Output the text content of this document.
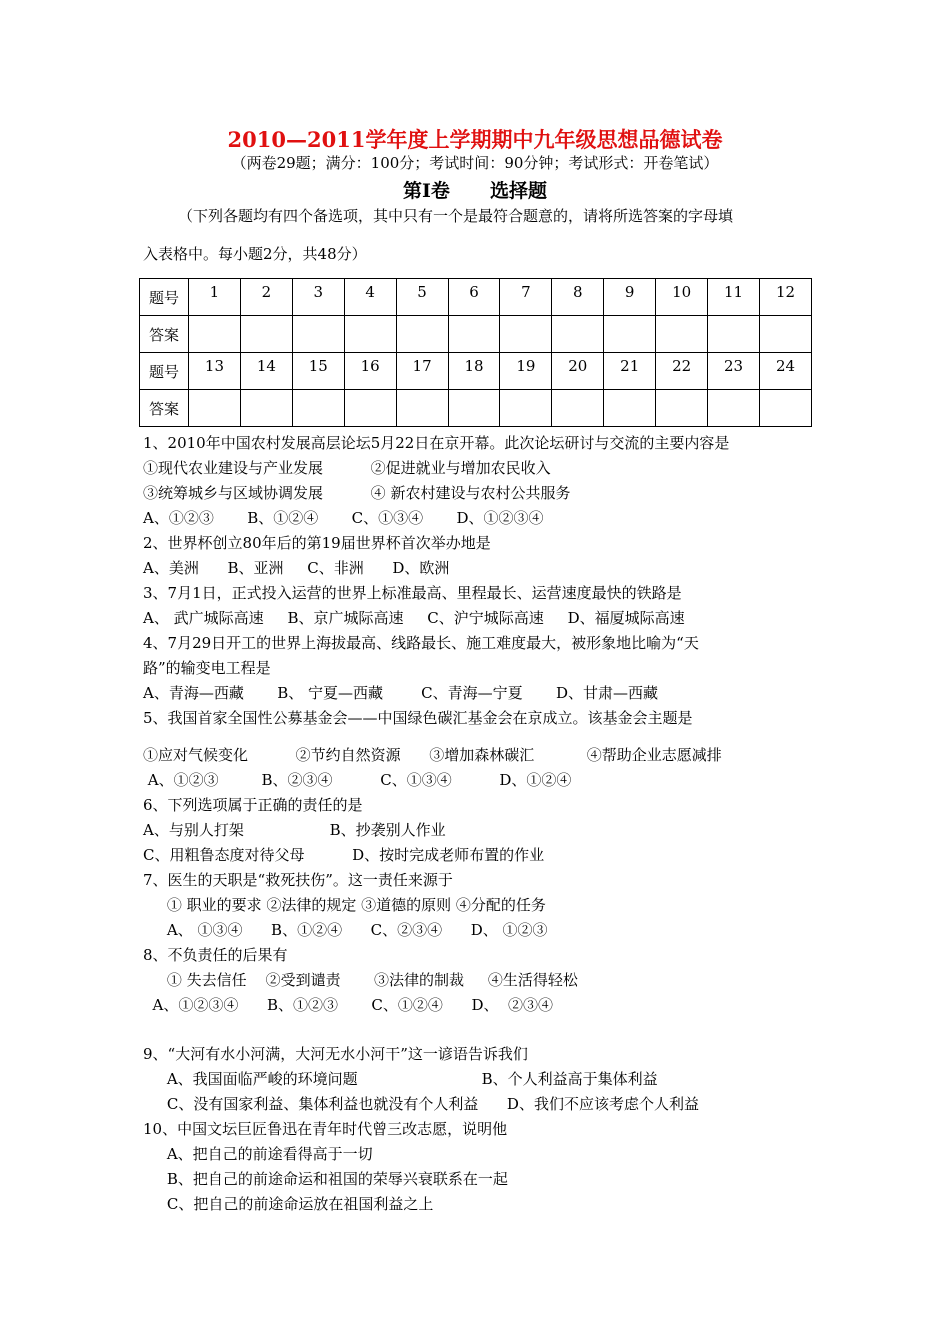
2010—2011学年度上学期期中九年级思想品德试卷
（两卷29题；满分：100分；考试时间：90分钟；考试形式：开卷笔试）
第Ⅰ卷 选择题
（下列各题均有四个备选项，其中只有一个是最符合题意的，请将所选答案的字母填
入表格中。每小题2分，共48分）
题号	1	2	3	4	5	6	7	8	9	10	11	12
答案												
题号	13	14	15	16	17	18	19	20	21	22	23	24
答案												
1、2010年中国农村发展高层论坛5月22日在京开幕。此次论坛研讨与交流的主要内容是
①现代农业建设与产业发展          ②促进就业与增加农民收入
③统筹城乡与区域协调发展          ④ 新农村建设与农村公共服务
A、①②③       B、①②④       C、①③④       D、①②③④
2、世界杯创立80年后的第19届世界杯首次举办地是
A、美洲      B、亚洲     C、非洲      D、欧洲
3、7月1日，正式投入运营的世界上标准最高、里程最长、运营速度最快的铁路是
A、 武广城际高速     B、京广城际高速     C、沪宁城际高速     D、福厦城际高速
4、7月29日开工的世界上海拔最高、线路最长、施工难度最大，被形象地比喻为“天
路”的输变电工程是
A、青海—西藏       B、 宁夏—西藏        C、青海—宁夏       D、甘肃—西藏
5、我国首家全国性公募基金会——中国绿色碳汇基金会在京成立。该基金会主题是
①应对气候变化          ②节约自然资源      ③增加森林碳汇           ④帮助企业志愿减排
A、①②③         B、②③④          C、①③④          D、①②④
6、下列选项属于正确的责任的是
A、与别人打架                  B、抄袭别人作业
C、用粗鲁态度对待父母          D、按时完成老师布置的作业
7、医生的天职是“救死扶伤”。这一责任来源于
① 职业的要求 ②法律的规定 ③道德的原则 ④分配的任务
A、 ①③④      B、①②④      C、②③④      D、 ①②③
8、不负责任的后果有
① 失去信任    ②受到谴责       ③法律的制裁     ④生活得轻松
A、①②③④      B、①②③       C、①②④      D、  ②③④
9、“大河有水小河满，大河无水小河干”这一谚语告诉我们
A、我国面临严峻的环境问题                          B、个人利益高于集体利益
C、没有国家利益、集体利益也就没有个人利益      D、我们不应该考虑个人利益
10、中国文坛巨匠鲁迅在青年时代曾三改志愿，说明他
A、把自己的前途看得高于一切
B、把自己的前途命运和祖国的荣辱兴衰联系在一起
C、把自己的前途命运放在祖国利益之上
